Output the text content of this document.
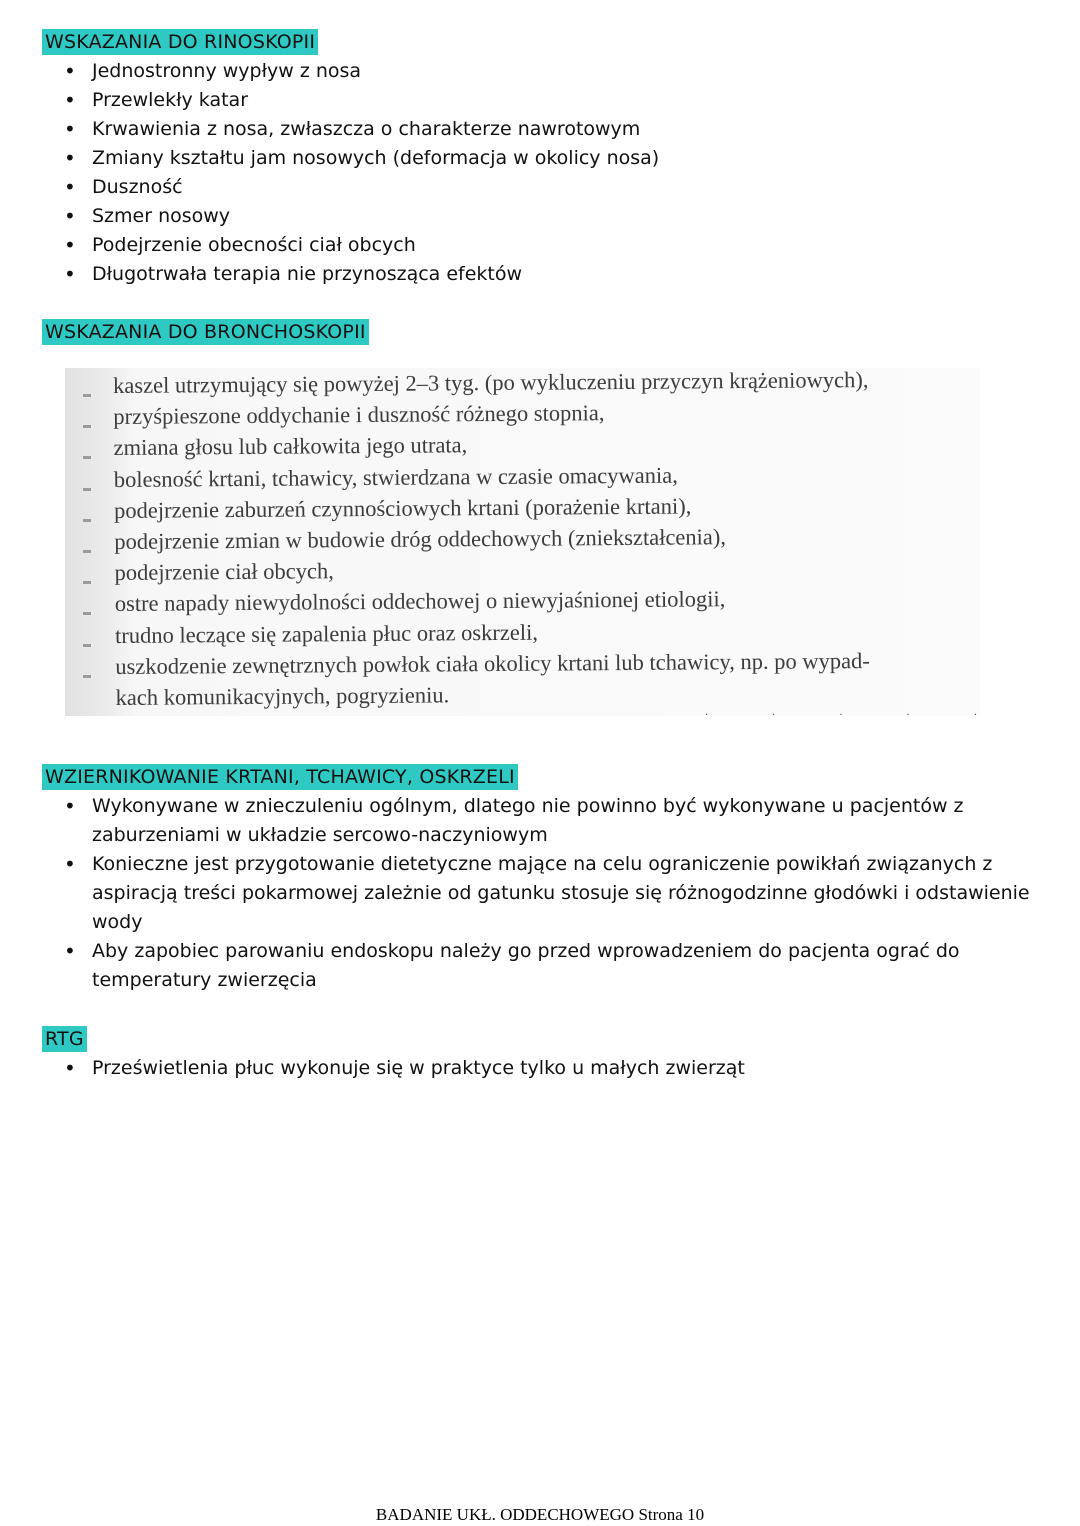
WSKAZANIA DO RINOSKOPII
• Jednostronny wypływ z nosa
• Przewlekły katar
• Krwawienia z nosa, zwłaszcza o charakterze nawrotowym
• Zmiany kształtu jam nosowych (deformacja w okolicy nosa)
• Duszność
• Szmer nosowy
• Podejrzenie obecności ciał obcych
• Długotrwała terapia nie przynosząca efektów
WSKAZANIA DO BRONCHOSKOPII
kaszel utrzymujący się powyżej 2–3 tyg. (po wykluczeniu przyczyn krążeniowych),
przyśpieszone oddychanie i duszność różnego stopnia,
zmiana głosu lub całkowita jego utrata,
bolesność krtani, tchawicy, stwierdzana w czasie omacywania,
podejrzenie zaburzeń czynnościowych krtani (porażenie krtani),
podejrzenie zmian w budowie dróg oddechowych (zniekształcenia),
podejrzenie ciał obcych,
ostre napady niewydolności oddechowej o niewyjaśnionej etiologii,
trudno leczące się zapalenia płuc oraz oskrzeli,
uszkodzenie zewnętrznych powłok ciała okolicy krtani lub tchawicy, np. po wypad-
kach komunikacyjnych, pogryzieniu.
·····
WZIERNIKOWANIE KRTANI, TCHAWICY, OSKRZELI
• Wykonywane w znieczuleniu ogólnym, dlatego nie powinno być wykonywane u pacjentów z zaburzeniami w układzie sercowo-naczyniowym
• Konieczne jest przygotowanie dietetyczne mające na celu ograniczenie powikłań związanych z aspiracją treści pokarmowej zależnie od gatunku stosuje się różnogodzinne głodówki i odstawienie wody
• Aby zapobiec parowaniu endoskopu należy go przed wprowadzeniem do pacjenta ograć do temperatury zwierzęcia
RTG
• Prześwietlenia płuc wykonuje się w praktyce tylko u małych zwierząt
BADANIE UKŁ. ODDECHOWEGO Strona 10
